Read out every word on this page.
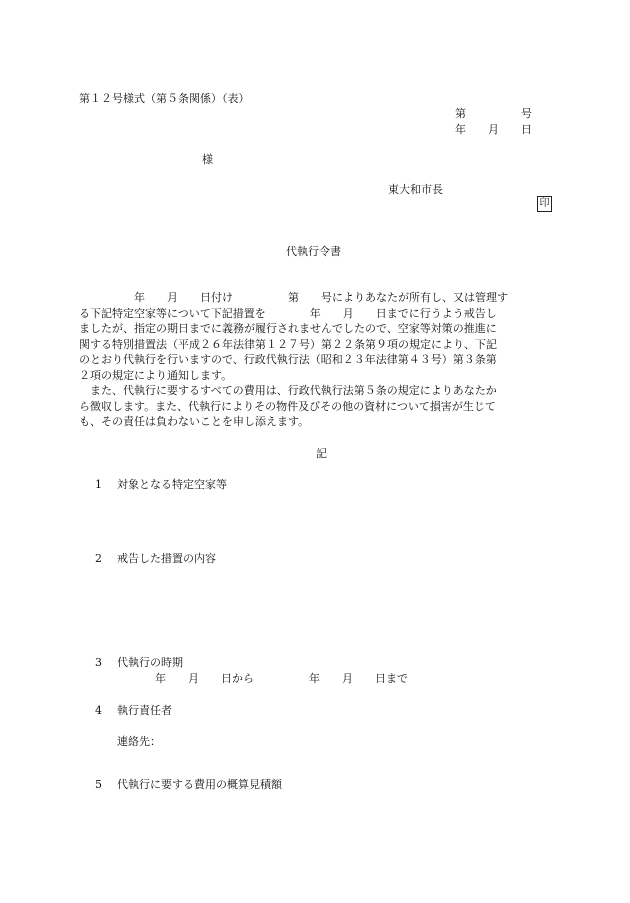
第１２号様式（第５条関係）（表）
第　　　　　号
年　　月　　日
様
東大和市長
印
代執行令書
　　　　　年　　月　　日付け　　　　　第　　号によりあなたが所有し、又は管理す
る下記特定空家等について下記措置を　　　　年　　月　　日までに行うよう戒告し
ましたが、指定の期日までに義務が履行されませんでしたので、空家等対策の推進に
関する特別措置法（平成２６年法律第１２７号）第２２条第９項の規定により、下記
のとおり代執行を行いますので、行政代執行法（昭和２３年法律第４３号）第３条第
２項の規定により通知します。
　また、代執行に要するすべての費用は、行政代執行法第５条の規定によりあなたか
ら徴収します。また、代執行によりその物件及びその他の資材について損害が生じて
も、その責任は負わないことを申し添えます。
記
1 対象となる特定空家等
2 戒告した措置の内容
3 代執行の時期
年　　月　　日から　　　　　年　　月　　日まで
4 執行責任者
連絡先：
5 代執行に要する費用の概算見積額
